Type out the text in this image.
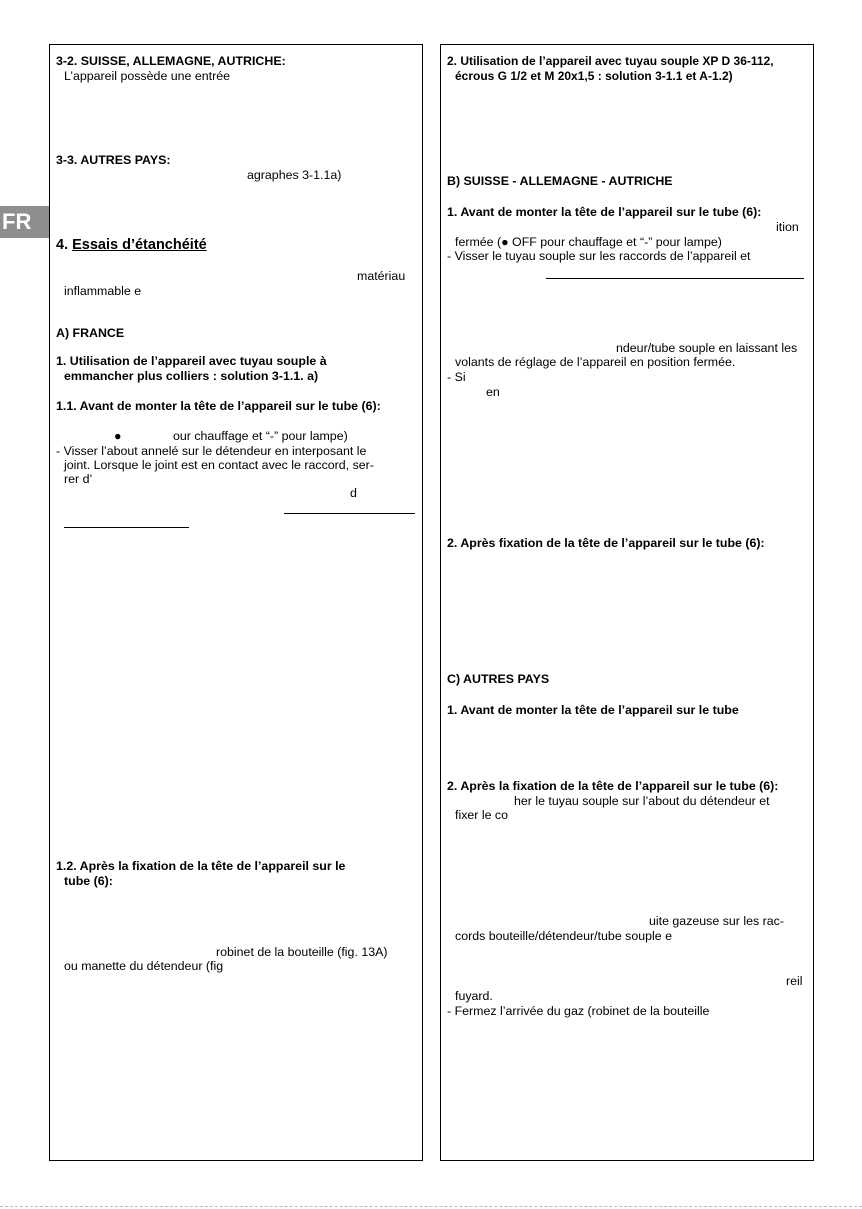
FR
3-2. SUISSE, ALLEMAGNE, AUTRICHE:
L’appareil possède une entrée
3-3. AUTRES PAYS:
agraphes 3-1.1a)
4. Essais d’étanchéité
matériau
inflammable e
A) FRANCE
1. Utilisation de l’appareil avec tuyau souple à
emmancher plus colliers : solution 3-1.1. a)
1.1. Avant de monter la tête de l’appareil sur le tube (6):
●	our chauffage et “-” pour lampe)
- Visser l’about annelé sur le détendeur en interposant le
joint. Lorsque le joint est en contact avec le raccord, ser-
rer d’
d
1.2. Après la fixation de la tête de l’appareil sur le
tube (6):
robinet de la bouteille (fig. 13A)
ou manette du détendeur (fig
2. Utilisation de l’appareil avec tuyau souple XP D 36-112,
écrous G 1/2 et M 20x1,5 : solution 3-1.1 et A-1.2)
B) SUISSE - ALLEMAGNE - AUTRICHE
1. Avant de monter la tête de l’appareil sur le tube (6):
ition
fermée (● OFF pour chauffage et “-” pour lampe)
- Visser le tuyau souple sur les raccords de l’appareil et
ndeur/tube souple en laissant les
volants de réglage de l’appareil en position fermée.
- Si
en
2. Après fixation de la tête de l’appareil sur le tube (6):
C) AUTRES PAYS
1. Avant de monter la tête de l’appareil sur le tube
2. Après la fixation de la tête de l’appareil sur le tube (6):
her le tuyau souple sur l’about du détendeur et
fixer le co
uite gazeuse sur les rac-
cords bouteille/détendeur/tube souple e
reil
fuyard.
- Fermez l’arrivée du gaz (robinet de la bouteille
